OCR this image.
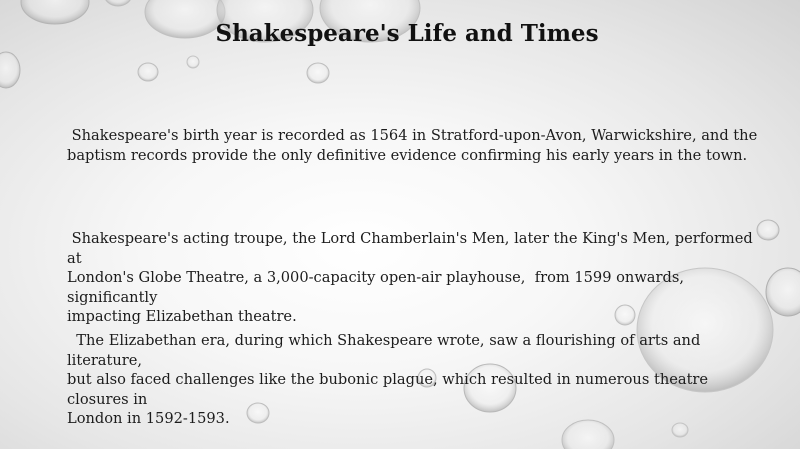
Shakespeare's Life and Times

Shakespeare's birth year is recorded as 1564 in Stratford-upon-Avon, Warwickshire, and the
baptism records provide the only definitive evidence confirming his early years in the town.

Shakespeare's acting troupe, the Lord Chamberlain's Men, later the King's Men, performed at
London's Globe Theatre, a 3,000-capacity open-air playhouse,  from 1599 onwards, significantly
impacting Elizabethan theatre.

The Elizabethan era, during which Shakespeare wrote, saw a flourishing of arts and literature,
but also faced challenges like the bubonic plague, which resulted in numerous theatre closures in
London in 1592-1593.
